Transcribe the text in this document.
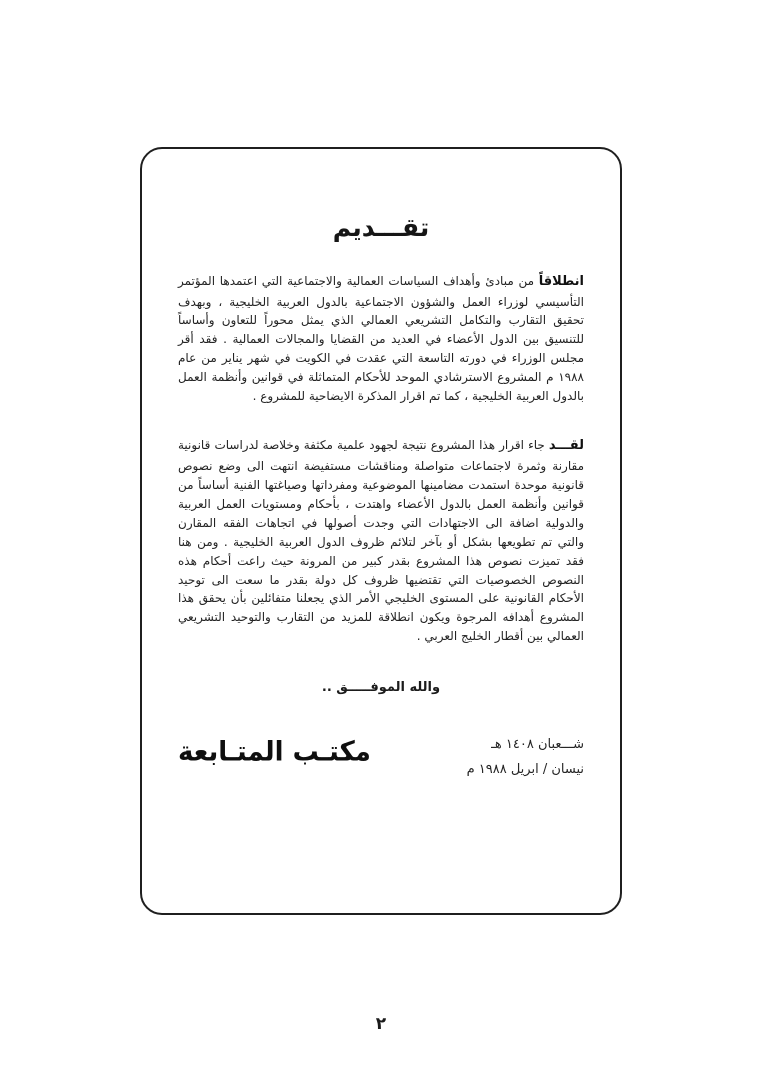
تقـــديم

انطلاقاً من مبادئ وأهداف السياسات العمالية والاجتماعية التي اعتمدها المؤتمر التأسيسي لوزراء العمل والشؤون الاجتماعية بالدول العربية الخليجية ، وبهدف تحقيق التقارب والتكامل التشريعي العمالي الذي يمثل محوراً للتعاون وأساساً للتنسيق بين الدول الأعضاء في العديد من القضايا والمجالات العمالية . فقد أقر مجلس الوزراء في دورته التاسعة التي عقدت في الكويت في شهر يناير من عام ١٩٨٨ م المشروع الاسترشادي الموحد للأحكام المتماثلة في قوانين وأنظمة العمل بالدول العربية الخليجية ، كما تم اقرار المذكرة الايضاحية للمشروع .

لقـــد جاء اقرار هذا المشروع نتيجة لجهود علمية مكثفة وخلاصة لدراسات قانونية مقارنة وثمرة لاجتماعات متواصلة ومناقشات مستفيضة انتهت الى وضع نصوص قانونية موحدة استمدت مضامينها الموضوعية ومفرداتها وصياغتها الفنية أساساً من قوانين وأنظمة العمل بالدول الأعضاء واهتدت ، بأحكام ومستويات العمل العربية والدولية اضافة الى الاجتهادات التي وجدت أصولها في اتجاهات الفقه المقارن والتي تم تطويعها بشكل أو بآخر لتلائم ظروف الدول العربية الخليجية . ومن هنا فقد تميزت نصوص هذا المشروع بقدر كبير من المرونة حيث راعت أحكام هذه النصوص الخصوصيات التي تقتضيها ظروف كل دولة بقدر ما سعت الى توحيد الأحكام القانونية على المستوى الخليجي الأمر الذي يجعلنا متفائلين بأن يحقق هذا المشروع أهدافه المرجوة ويكون انطلاقة للمزيد من التقارب والتوحيد التشريعي العمالي بين أقطار الخليج العربي .

والله الموفـــــق ..
شـــعبان ١٤٠٨ هـ
نيسان / ابريل ١٩٨٨ م
مكتـب المتـابعة
٢
